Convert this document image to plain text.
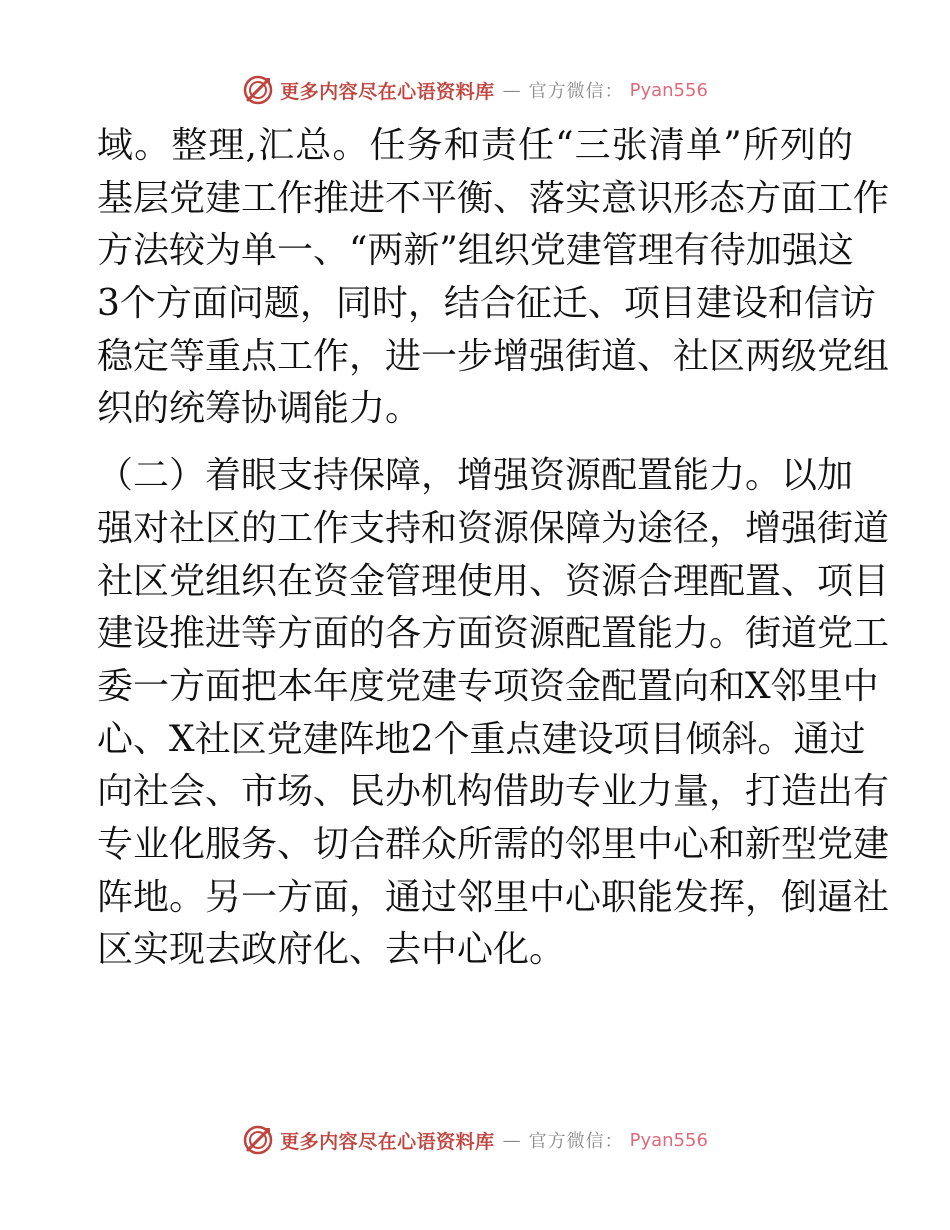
更多内容尽在心语资料库 — 官方微信： Pyan556
域。整理,汇总。任务和责任“三张清单”所列的
基层党建工作推进不平衡、落实意识形态方面工作
方法较为单一、“两新”组织党建管理有待加强这
3个方面问题，同时，结合征迁、项目建设和信访
稳定等重点工作，进一步增强街道、社区两级党组
织的统筹协调能力。
（二）着眼支持保障，增强资源配置能力。以加
强对社区的工作支持和资源保障为途径，增强街道
社区党组织在资金管理使用、资源合理配置、项目
建设推进等方面的各方面资源配置能力。街道党工
委一方面把本年度党建专项资金配置向和X邻里中
心、X社区党建阵地2个重点建设项目倾斜。通过
向社会、市场、民办机构借助专业力量，打造出有
专业化服务、切合群众所需的邻里中心和新型党建
阵地。另一方面，通过邻里中心职能发挥，倒逼社
区实现去政府化、去中心化。
更多内容尽在心语资料库 — 官方微信： Pyan556
